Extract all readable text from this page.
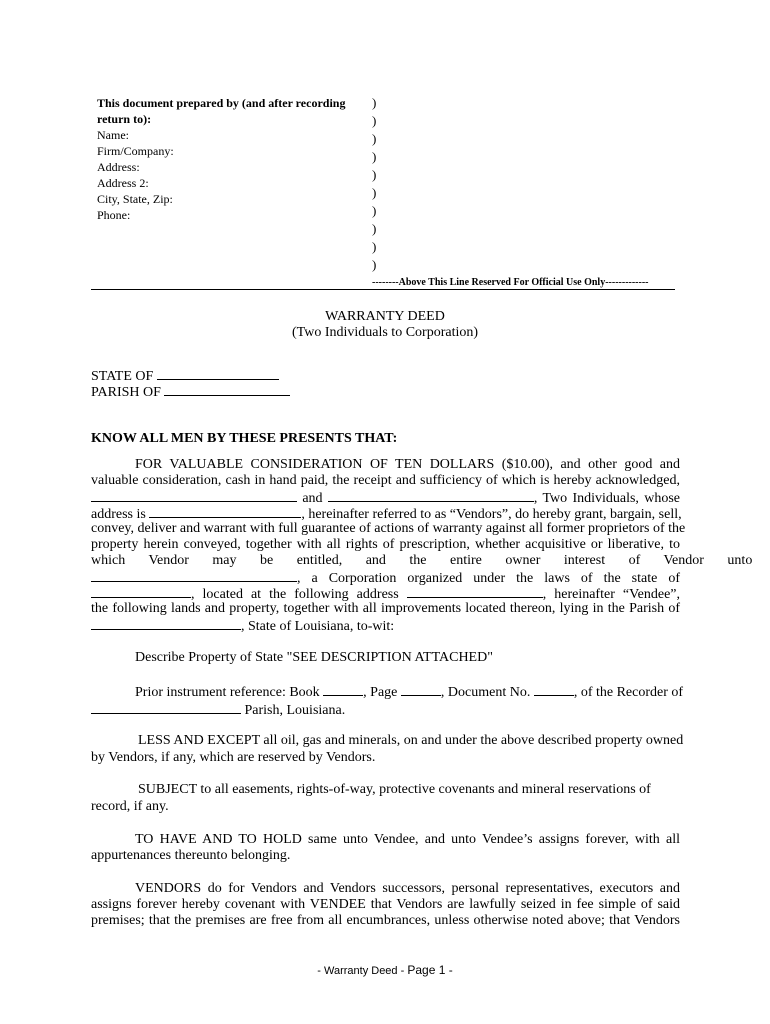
This document prepared by (and after recording
return to):
Name:
Firm/Company:
Address:
Address 2:
City, State, Zip:
Phone:
)
)
)
)
)
)
)
)
)
)
--------Above This Line Reserved For Official Use Only-------------
WARRANTY DEED
(Two Individuals to Corporation)
STATE OF
PARISH OF
KNOW ALL MEN BY THESE PRESENTS THAT:
FOR VALUABLE CONSIDERATION OF TEN DOLLARS ($10.00), and other good and
valuable consideration, cash in hand paid, the receipt and sufficiency of which is hereby acknowledged,
and	, Two Individuals, whose
address is	, hereinafter referred to as “Vendors”, do hereby grant, bargain, sell,
convey, deliver and warrant with full guarantee of actions of warranty against all former proprietors of the
property herein conveyed, together with all rights of prescription, whether acquisitive or liberative, to
which Vendor may be entitled, and the entire owner interest of Vendor unto
, a Corporation organized under the laws of the state of
, located at the following address	, hereinafter “Vendee”,
the following lands and property, together with all improvements located thereon, lying in the Parish of
, State of Louisiana, to-wit:
Describe Property of State "SEE DESCRIPTION ATTACHED"
Prior instrument reference: Book	, Page	, Document No.	, of the Recorder of
Parish, Louisiana.
LESS AND EXCEPT all oil, gas and minerals, on and under the above described property owned
by Vendors, if any, which are reserved by Vendors.
SUBJECT to all easements, rights-of-way, protective covenants and mineral reservations of
record, if any.
TO HAVE AND TO HOLD same unto Vendee, and unto Vendee’s assigns forever, with all
appurtenances thereunto belonging.
VENDORS do for Vendors and Vendors successors, personal representatives, executors and
assigns forever hereby covenant with VENDEE that Vendors are lawfully seized in fee simple of said
premises; that the premises are free from all encumbrances, unless otherwise noted above; that Vendors
- Warranty Deed - Page 1 -
